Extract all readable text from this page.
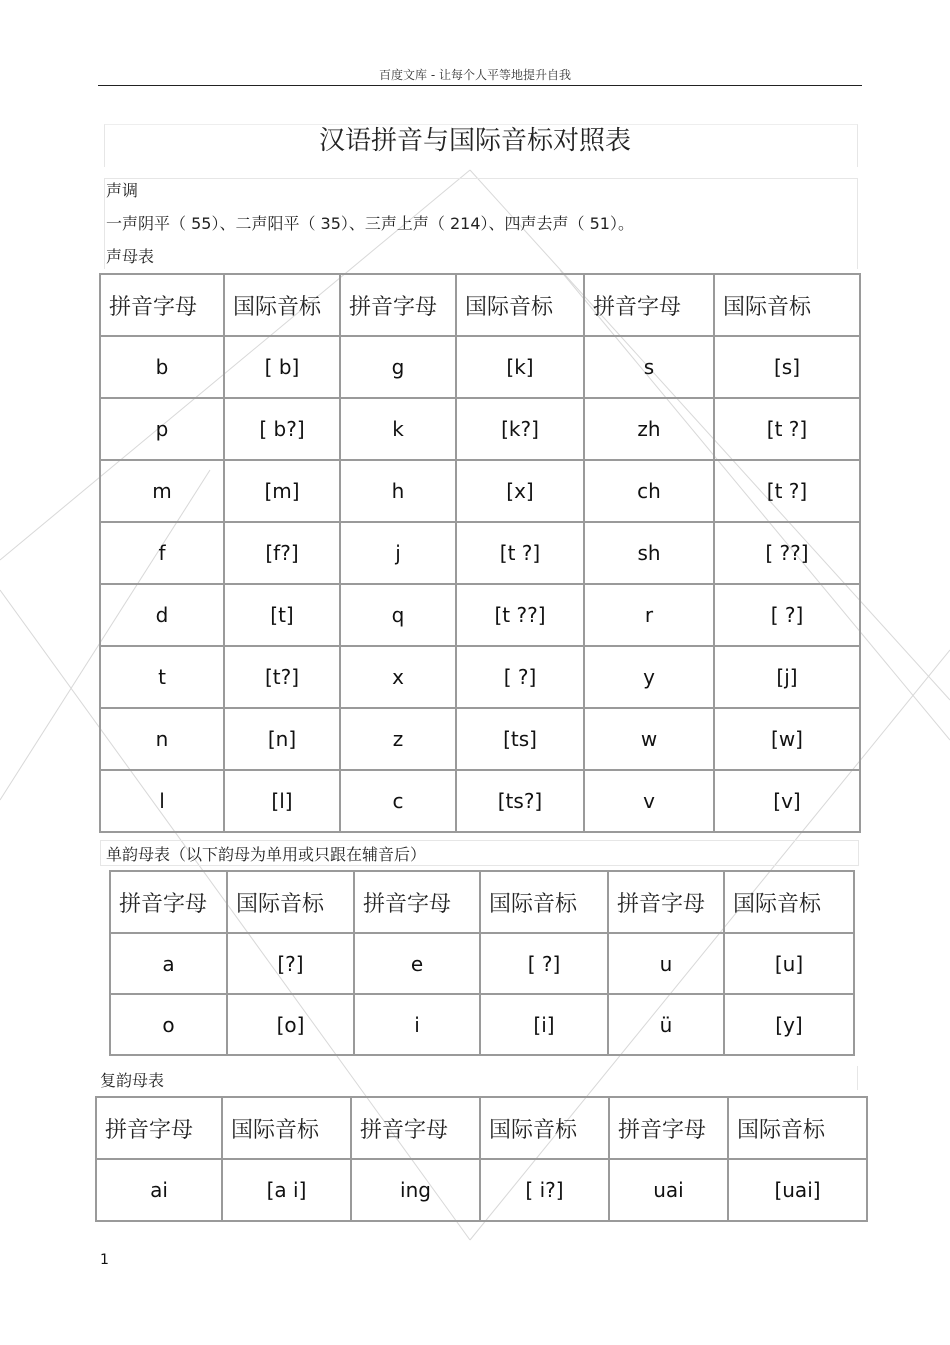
百度文库 - 让每个人平等地提升自我
汉语拼音与国际音标对照表
声调
一声阴平（ 55）、二声阳平（ 35）、三声上声（ 214）、四声去声（ 51）。
声母表
拼音字母	国际音标	拼音字母	国际音标	拼音字母	国际音标
b	[ b]	g	[k]	s	[s]
p	[ b?]	k	[k?]	zh	[t ?]
m	[m]	h	[x]	ch	[t ?]
f	[f?]	j	[t ?]	sh	[ ??]
d	[t]	q	[t ??]	r	[ ?]
t	[t?]	x	[ ?]	y	[j]
n	[n]	z	[ts]	w	[w]
l	[l]	c	[ts?]	v	[v]
单韵母表（以下韵母为单用或只跟在辅音后）
拼音字母	国际音标	拼音字母	国际音标	拼音字母	国际音标
a	[?]	e	[ ?]	u	[u]
o	[o]	i	[i]	ü	[y]
复韵母表
拼音字母	国际音标	拼音字母	国际音标	拼音字母	国际音标
ai	[a i]	ing	[ i?]	uai	[uai]
1
